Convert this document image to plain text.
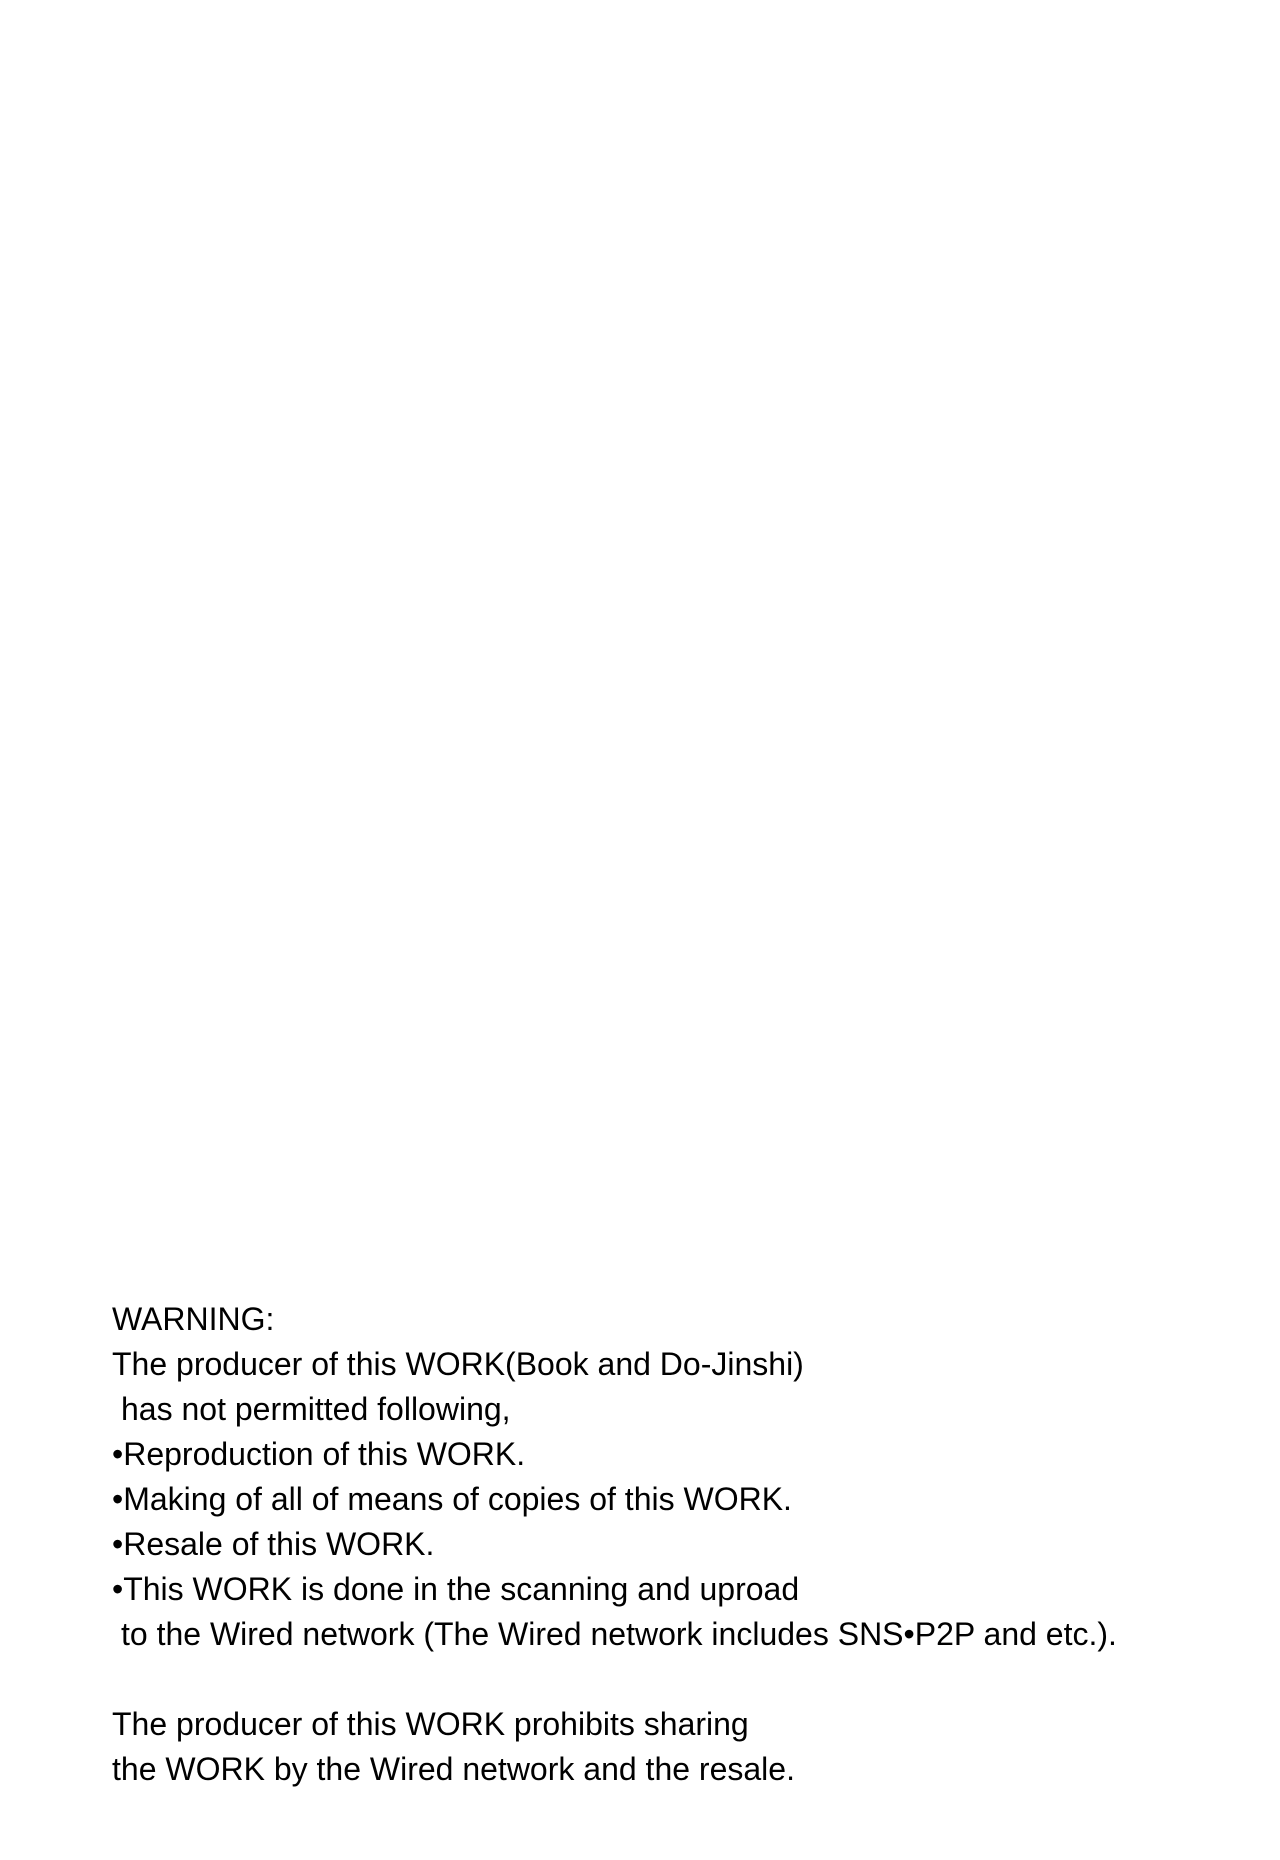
WARNING:
The producer of this WORK(Book and Do-Jinshi)
has not permitted following,
•Reproduction of this WORK.
•Making of all of means of copies of this WORK.
•Resale of this WORK.
•This WORK is done in the scanning and uproad
to the Wired network (The Wired network includes SNS•P2P and etc.).
The producer of this WORK prohibits sharing
the WORK by the Wired network and the resale.
